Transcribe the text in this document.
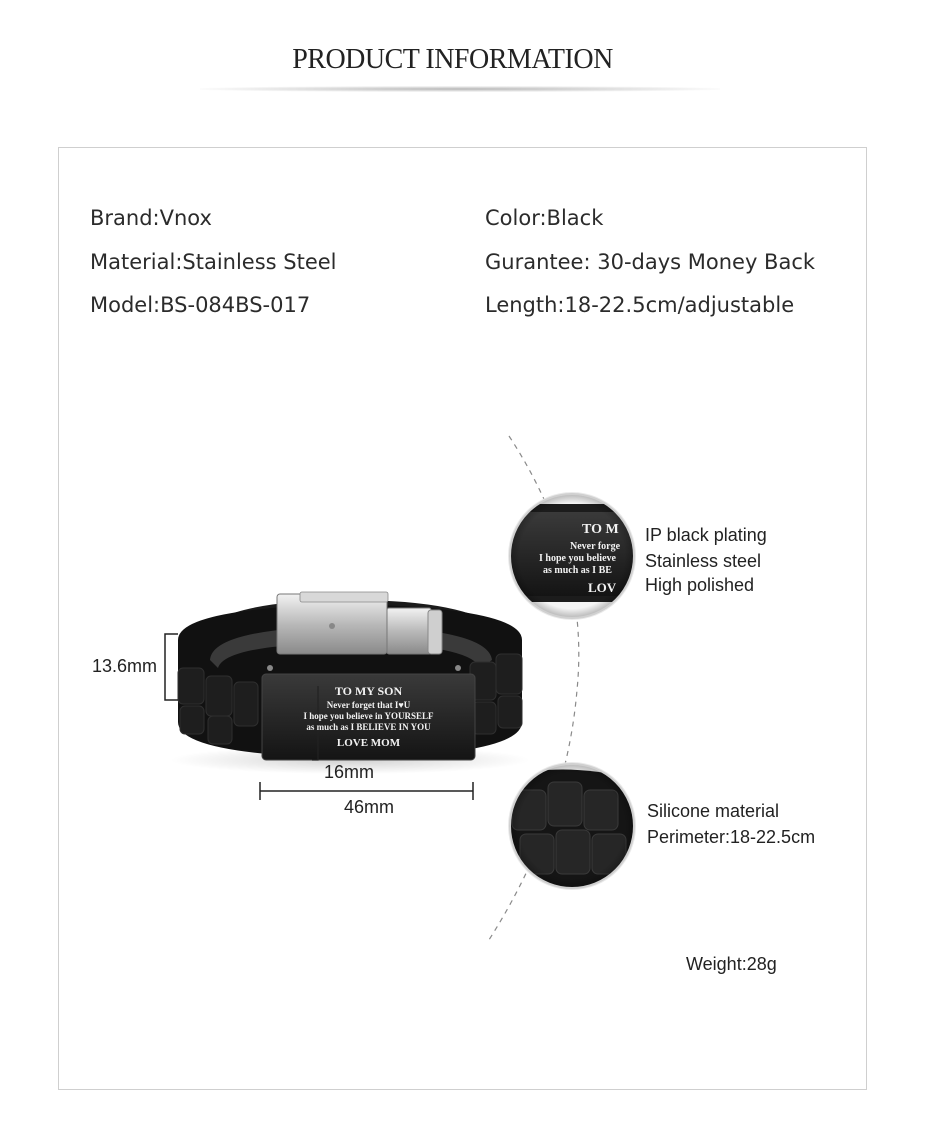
PRODUCT INFORMATION
Brand:Vnox
Material:Stainless Steel
Model:BS-084BS-017
Color:Black
Gurantee: 30-days Money Back
Length:18-22.5cm/adjustable
TO MY SON
Never forget that I♥U
I hope you believe in YOURSELF
as much as I BELIEVE IN YOU
LOVE MOM
TO M
Never forge
I hope you believe
as much as I BE
LOV
13.6mm
16mm
46mm
IP black plating
Stainless steel
High polished
Silicone material
Perimeter:18-22.5cm
Weight:28g
